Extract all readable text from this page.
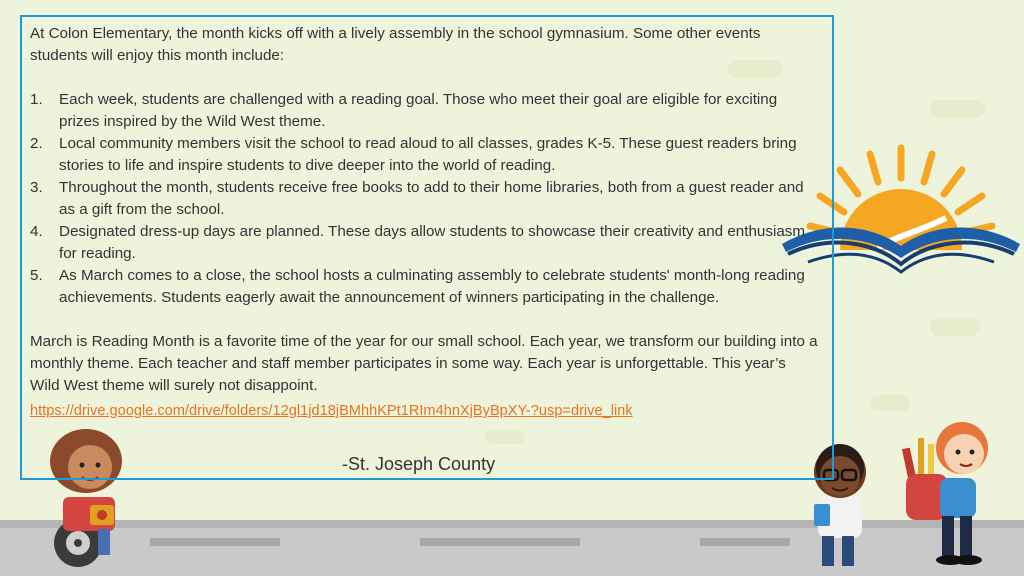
At Colon Elementary, the month kicks off with a lively assembly in the school gymnasium. Some other events students will enjoy this month include:

1. Each week, students are challenged with a reading goal. Those who meet their goal are eligible for exciting prizes inspired by the Wild West theme.
2. Local community members visit the school to read aloud to all classes, grades K-5. These guest readers bring stories to life and inspire students to dive deeper into the world of reading.
3. Throughout the month, students receive free books to add to their home libraries, both from a guest reader and as a gift from the school.
4. Designated dress-up days are planned. These days allow students to showcase their creativity and enthusiasm for reading.
5. As March comes to a close, the school hosts a culminating assembly to celebrate students' month-long reading achievements. Students eagerly await the announcement of winners participating in the challenge.

March is Reading Month is a favorite time of the year for our small school. Each year, we transform our building into a monthly theme. Each teacher and staff member participates in some way. Each year is unforgettable. This year’s Wild West theme will surely not disappoint.

https://drive.google.com/drive/folders/12gl1jd18jBMhhKPt1RIm4hnXjByBpXY-?usp=drive_link
-St. Joseph County
